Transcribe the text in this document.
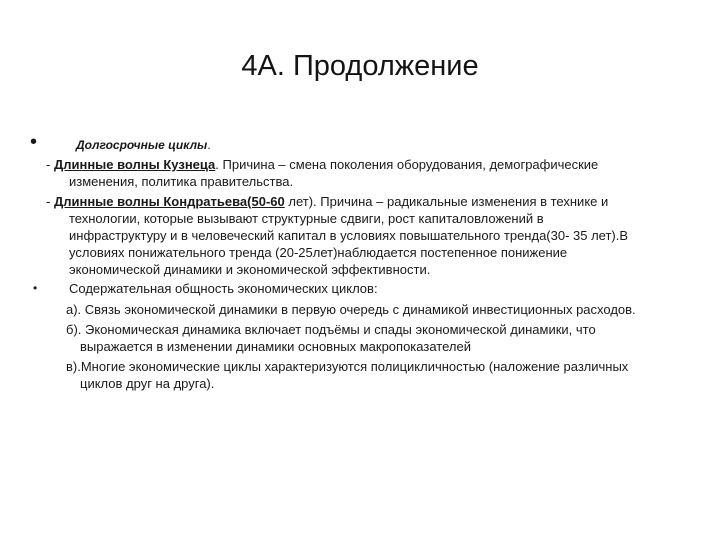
4А. Продолжение
•	Долгосрочные циклы.
- Длинные волны Кузнеца. Причина – смена поколения оборудования, демографические
изменения, политика правительства.
- Длинные волны Кондратьева(50-60 лет). Причина – радикальные изменения в технике и
технологии, которые вызывают структурные сдвиги, рост капиталовложений в
инфраструктуру и в человеческий капитал в условиях повышательного тренда(30- 35 лет).В
условиях понижательного тренда (20-25лет)наблюдается постепенное понижение
экономической динамики и экономической эффективности.
• Содержательная общность экономических циклов:
а). Связь экономической динамики в первую очередь с динамикой инвестиционных расходов.
б). Экономическая динамика включает подъёмы и спады экономической динамики, что
выражается в изменении динамики основных макропоказателей
в).Многие экономические циклы характеризуются полицикличностью (наложение различных
циклов друг на друга).
